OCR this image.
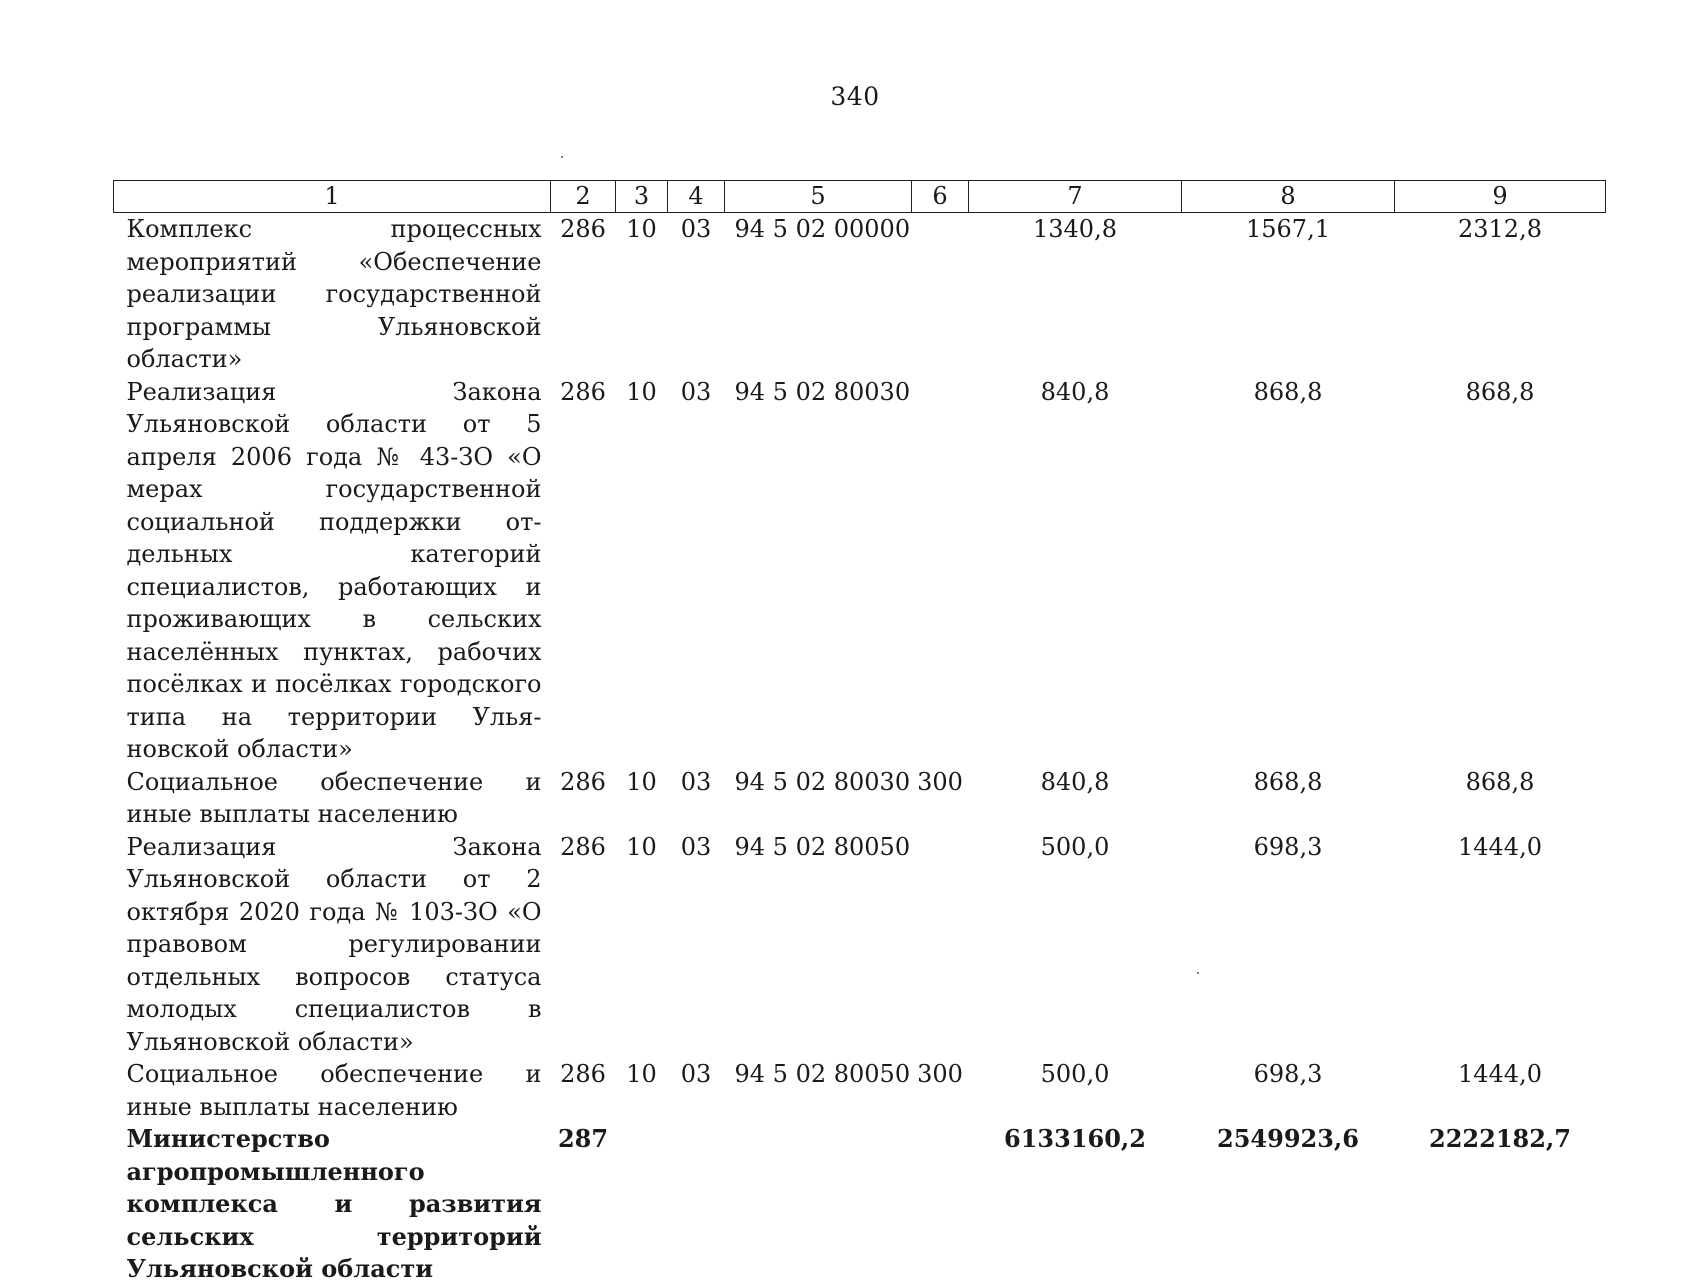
340
1	2	3	4	5	6	7	8	9
Комплекс процессных мероприятий «Обеспечение реализации государственной программы Ульяновской области»	286	10	03	94 5 02 00000		1340,8	1567,1	2312,8
Реализация Закона Ульяновской области от 5 апреля 2006 года № 43-ЗО «О мерах государственной социальной поддержки отдельных категорий специалистов, работающих и проживающих в сельских населённых пунктах, рабочих посёлках и посёлках городского типа на территории Ульяновской области»	286	10	03	94 5 02 80030		840,8	868,8	868,8
Социальное обеспечение и иные выплаты населению	286	10	03	94 5 02 80030	300	840,8	868,8	868,8
Реализация Закона Ульяновской области от 2 октября 2020 года № 103-ЗО «О правовом регулировании отдельных вопросов статуса молодых специалистов в Ульяновской области»	286	10	03	94 5 02 80050		500,0	698,3	1444,0
Социальное обеспечение и иные выплаты населению	286	10	03	94 5 02 80050	300	500,0	698,3	1444,0
Министерство агропромышленного комплекса и развития сельских территорий Ульяновской области	287					6133160,2	2549923,6	2222182,7
